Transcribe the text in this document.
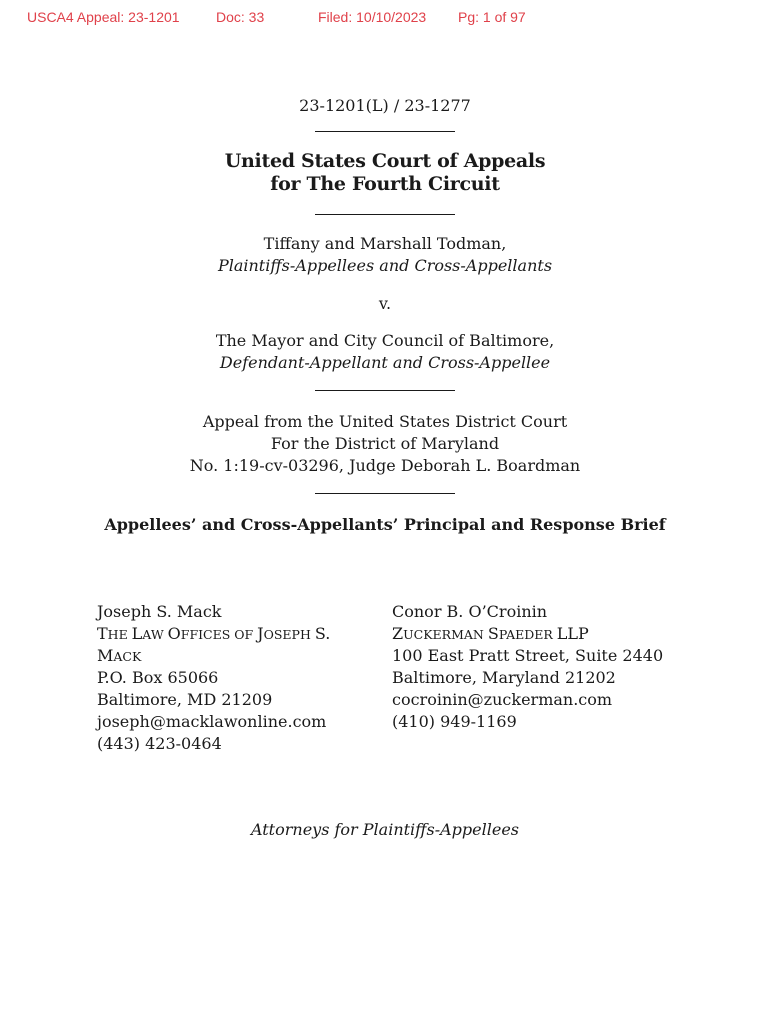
USCA4 Appeal: 23-1201	Doc: 33	Filed: 10/10/2023 Pg: 1 of 97
23-1201(L) / 23-1277
United States Court of Appeals
for The Fourth Circuit
Tiffany and Marshall Todman,
Plaintiffs-Appellees and Cross-Appellants
v.
The Mayor and City Council of Baltimore,
Defendant-Appellant and Cross-Appellee
Appeal from the United States District Court
For the District of Maryland
No. 1:19-cv-03296, Judge Deborah L. Boardman
Appellees’ and Cross-Appellants’ Principal and Response Brief
Joseph S. Mack
THE LAW OFFICES OF JOSEPH S.
MACK
P.O. Box 65066
Baltimore, MD 21209
joseph@macklawonline.com
(443) 423-0464
Conor B. O’Croinin
ZUCKERMAN SPAEDER LLP
100 East Pratt Street, Suite 2440
Baltimore, Maryland 21202
cocroinin@zuckerman.com
(410) 949-1169
Attorneys for Plaintiffs-Appellees
